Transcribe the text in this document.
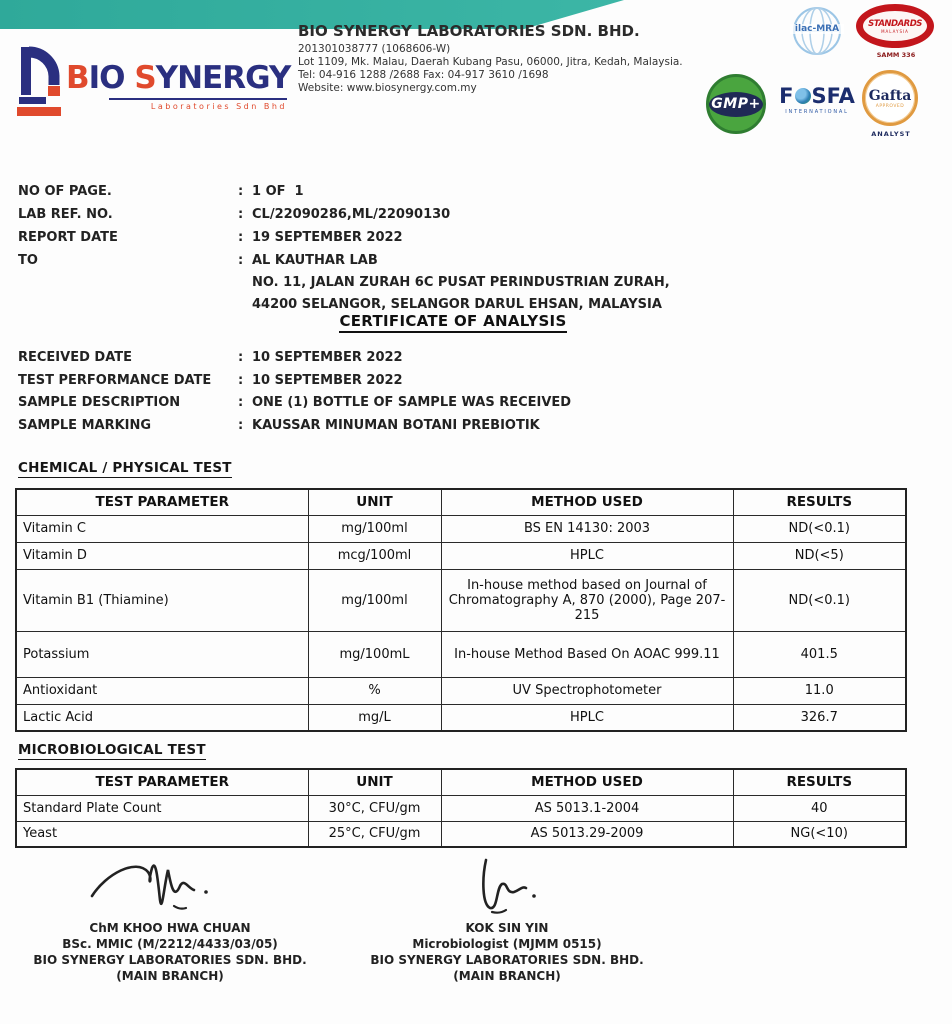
BIO SYNERGY
Laboratories Sdn Bhd
BIO SYNERGY LABORATORIES SDN. BHD.
201301038777 (1068606-W)
Lot 1109, Mk. Malau, Daerah Kubang Pasu, 06000, Jitra, Kedah, Malaysia.
Tel: 04-916 1288 /2688 Fax: 04-917 3610 /1698
Website: www.biosynergy.com.my
ilac-MRA
STANDARDS
MALAYSIA
SAMM 336
GMP+ F SFA
INTERNATIONAL
Gafta
APPROVED
ANALYST
NO OF PAGE.	: 1 OF  1
LAB REF. NO.	: CL/22090286,ML/22090130
REPORT DATE	: 19 SEPTEMBER 2022
TO	: AL KAUTHAR LAB
NO. 11, JALAN ZURAH 6C PUSAT PERINDUSTRIAN ZURAH,
44200 SELANGOR, SELANGOR DARUL EHSAN, MALAYSIA
CERTIFICATE OF ANALYSIS
RECEIVED DATE	: 10 SEPTEMBER 2022
TEST PERFORMANCE DATE	: 10 SEPTEMBER 2022
SAMPLE DESCRIPTION	: ONE (1) BOTTLE OF SAMPLE WAS RECEIVED
SAMPLE MARKING	: KAUSSAR MINUMAN BOTANI PREBIOTIK
CHEMICAL / PHYSICAL TEST
TEST PARAMETER	UNIT	METHOD USED	RESULTS
Vitamin C	mg/100ml	BS EN 14130: 2003	ND(<0.1)
Vitamin D	mcg/100ml	HPLC	ND(<5)
Vitamin B1 (Thiamine)	mg/100ml	In-house method based on Journal of Chromatography A, 870 (2000), Page 207-215	ND(<0.1)
Potassium	mg/100mL	In-house Method Based On AOAC 999.11	401.5
Antioxidant	%	UV Spectrophotometer	11.0
Lactic Acid	mg/L	HPLC	326.7
MICROBIOLOGICAL TEST
TEST PARAMETER	UNIT	METHOD USED	RESULTS
Standard Plate Count	30°C, CFU/gm	AS 5013.1-2004	40
Yeast	25°C, CFU/gm	AS 5013.29-2009	NG(<10)
ChM KHOO HWA CHUAN
BSc. MMIC (M/2212/4433/03/05)
BIO SYNERGY LABORATORIES SDN. BHD.
(MAIN BRANCH)
KOK SIN YIN
Microbiologist (MJMM 0515)
BIO SYNERGY LABORATORIES SDN. BHD.
(MAIN BRANCH)
